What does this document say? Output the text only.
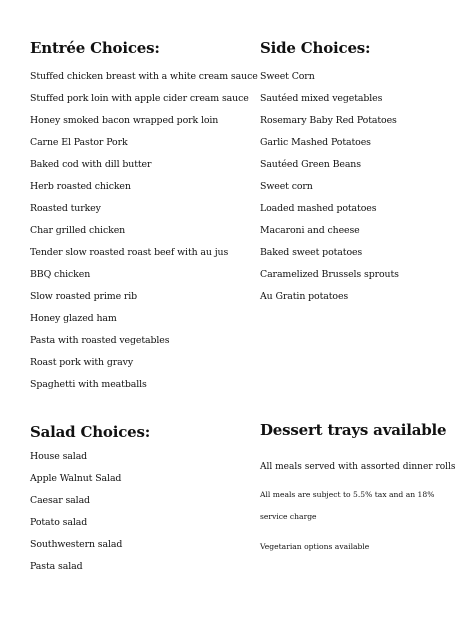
Entrée Choices:
Stuffed chicken breast with a white cream sauce
Stuffed pork loin with apple cider cream sauce
Honey smoked bacon wrapped pork loin
Carne El Pastor Pork
Baked cod with dill butter
Herb roasted chicken
Roasted turkey
Char grilled chicken
Tender slow roasted roast beef with au jus
BBQ chicken
Slow roasted prime rib
Honey glazed ham
Pasta with roasted vegetables
Roast pork with gravy
Spaghetti with meatballs
Side Choices:
Sweet Corn
Sautéed mixed vegetables
Rosemary Baby Red Potatoes
Garlic Mashed Potatoes
Sautéed Green Beans
Sweet corn
Loaded mashed potatoes
Macaroni and cheese
Baked sweet potatoes
Caramelized Brussels sprouts
Au Gratin potatoes
Salad Choices:
House salad
Apple Walnut Salad
Caesar salad
Potato salad
Southwestern salad
Pasta salad
Dessert trays available

All meals served with assorted dinner rolls

All meals are subject to 5.5% tax and an 18% service charge

Vegetarian options available
